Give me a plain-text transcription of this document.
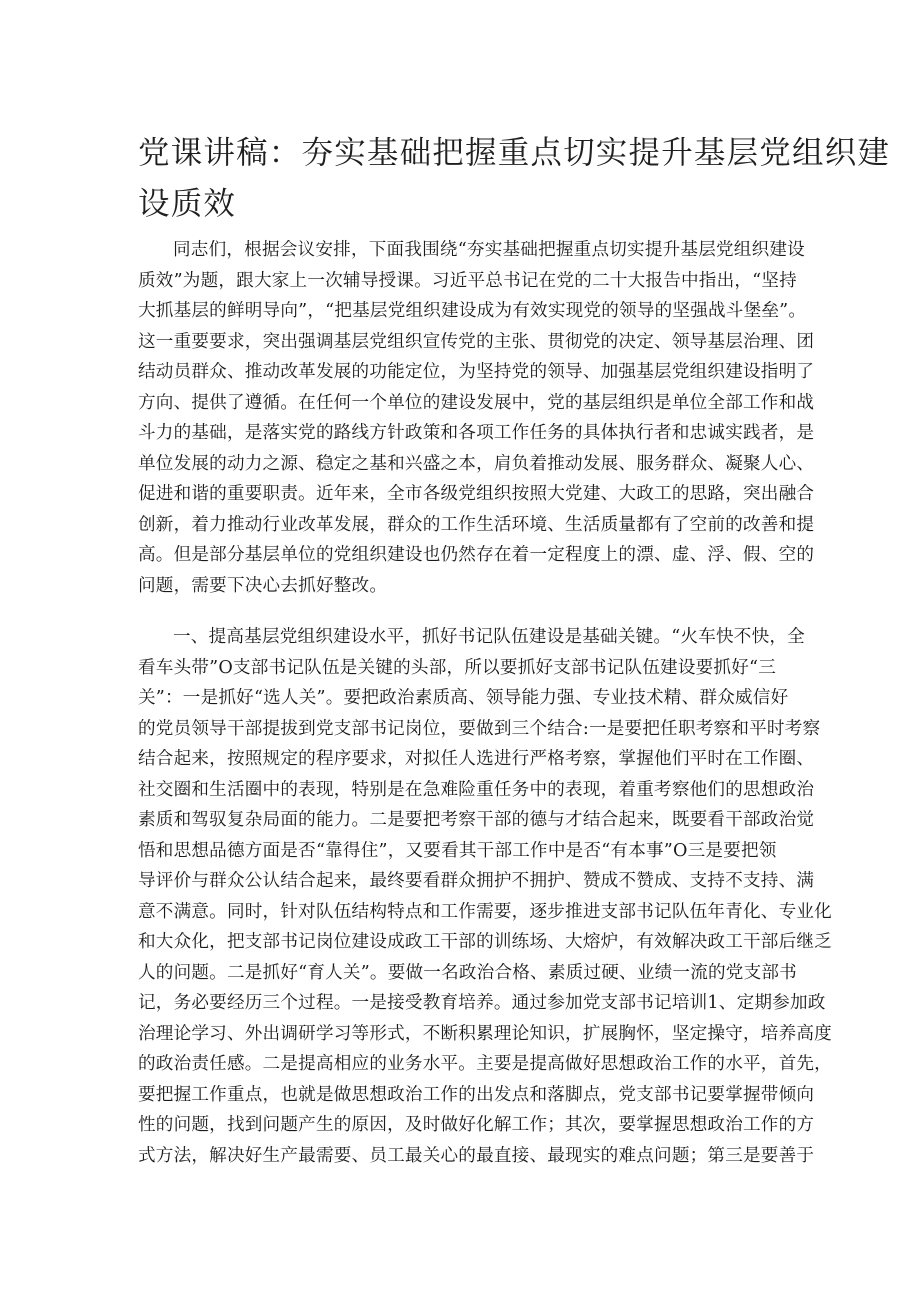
党课讲稿：夯实基础把握重点切实提升基层党组织建
设质效
同志们，根据会议安排，下面我围绕“夯实基础把握重点切实提升基层党组织建设
质效”为题，跟大家上一次辅导授课。习近平总书记在党的二十大报告中指出，“坚持
大抓基层的鲜明导向”，“把基层党组织建设成为有效实现党的领导的坚强战斗堡垒”。
这一重要要求，突出强调基层党组织宣传党的主张、贯彻党的决定、领导基层治理、团
结动员群众、推动改革发展的功能定位，为坚持党的领导、加强基层党组织建设指明了
方向、提供了遵循。在任何一个单位的建设发展中，党的基层组织是单位全部工作和战
斗力的基础，是落实党的路线方针政策和各项工作任务的具体执行者和忠诚实践者，是
单位发展的动力之源、稳定之基和兴盛之本，肩负着推动发展、服务群众、凝聚人心、
促进和谐的重要职责。近年来，全市各级党组织按照大党建、大政工的思路，突出融合
创新，着力推动行业改革发展，群众的工作生活环境、生活质量都有了空前的改善和提
高。但是部分基层单位的党组织建设也仍然存在着一定程度上的漂、虚、浮、假、空的
问题，需要下决心去抓好整改。
一、提高基层党组织建设水平，抓好书记队伍建设是基础关键。“火车快不快，全
看车头带”O支部书记队伍是关键的头部，所以要抓好支部书记队伍建设要抓好“三
关”：一是抓好“选人关”。要把政治素质高、领导能力强、专业技术精、群众威信好
的党员领导干部提拔到党支部书记岗位，要做到三个结合:一是要把任职考察和平时考察
结合起来，按照规定的程序要求，对拟任人选进行严格考察，掌握他们平时在工作圈、
社交圈和生活圈中的表现，特别是在急难险重任务中的表现，着重考察他们的思想政治
素质和驾驭复杂局面的能力。二是要把考察干部的德与才结合起来，既要看干部政治觉
悟和思想品德方面是否“靠得住”，又要看其干部工作中是否“有本事”O三是要把领
导评价与群众公认结合起来，最终要看群众拥护不拥护、赞成不赞成、支持不支持、满
意不满意。同时，针对队伍结构特点和工作需要，逐步推进支部书记队伍年青化、专业化
和大众化，把支部书记岗位建设成政工干部的训练场、大熔炉，有效解决政工干部后继乏
人的问题。二是抓好“育人关”。要做一名政治合格、素质过硬、业绩一流的党支部书
记，务必要经历三个过程。一是接受教育培养。通过参加党支部书记培训1、定期参加政
治理论学习、外出调研学习等形式，不断积累理论知识，扩展胸怀，坚定操守，培养高度
的政治责任感。二是提高相应的业务水平。主要是提高做好思想政治工作的水平，首先，
要把握工作重点，也就是做思想政治工作的出发点和落脚点，党支部书记要掌握带倾向
性的问题，找到问题产生的原因，及时做好化解工作；其次，要掌握思想政治工作的方
式方法，解决好生产最需要、员工最关心的最直接、最现实的难点问题；第三是要善于
